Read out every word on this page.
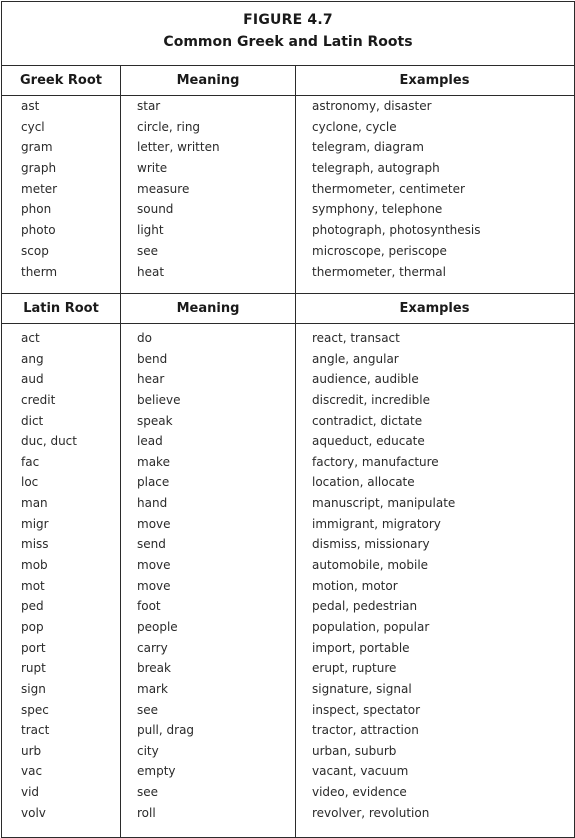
FIGURE 4.7
Common Greek and Latin Roots
Greek Root	Meaning	Examples
ast	star	astronomy, disaster
cycl	circle, ring	cyclone, cycle
gram	letter, written	telegram, diagram
graph	write	telegraph, autograph
meter	measure	thermometer, centimeter
phon	sound	symphony, telephone
photo	light	photograph, photosynthesis
scop	see	microscope, periscope
therm	heat	thermometer, thermal
Latin Root	Meaning	Examples
act	do	react, transact
ang	bend	angle, angular
aud	hear	audience, audible
credit	believe	discredit, incredible
dict	speak	contradict, dictate
duc, duct	lead	aqueduct, educate
fac	make	factory, manufacture
loc	place	location, allocate
man	hand	manuscript, manipulate
migr	move	immigrant, migratory
miss	send	dismiss, missionary
mob	move	automobile, mobile
mot	move	motion, motor
ped	foot	pedal, pedestrian
pop	people	population, popular
port	carry	import, portable
rupt	break	erupt, rupture
sign	mark	signature, signal
spec	see	inspect, spectator
tract	pull, drag	tractor, attraction
urb	city	urban, suburb
vac	empty	vacant, vacuum
vid	see	video, evidence
volv	roll	revolver, revolution
